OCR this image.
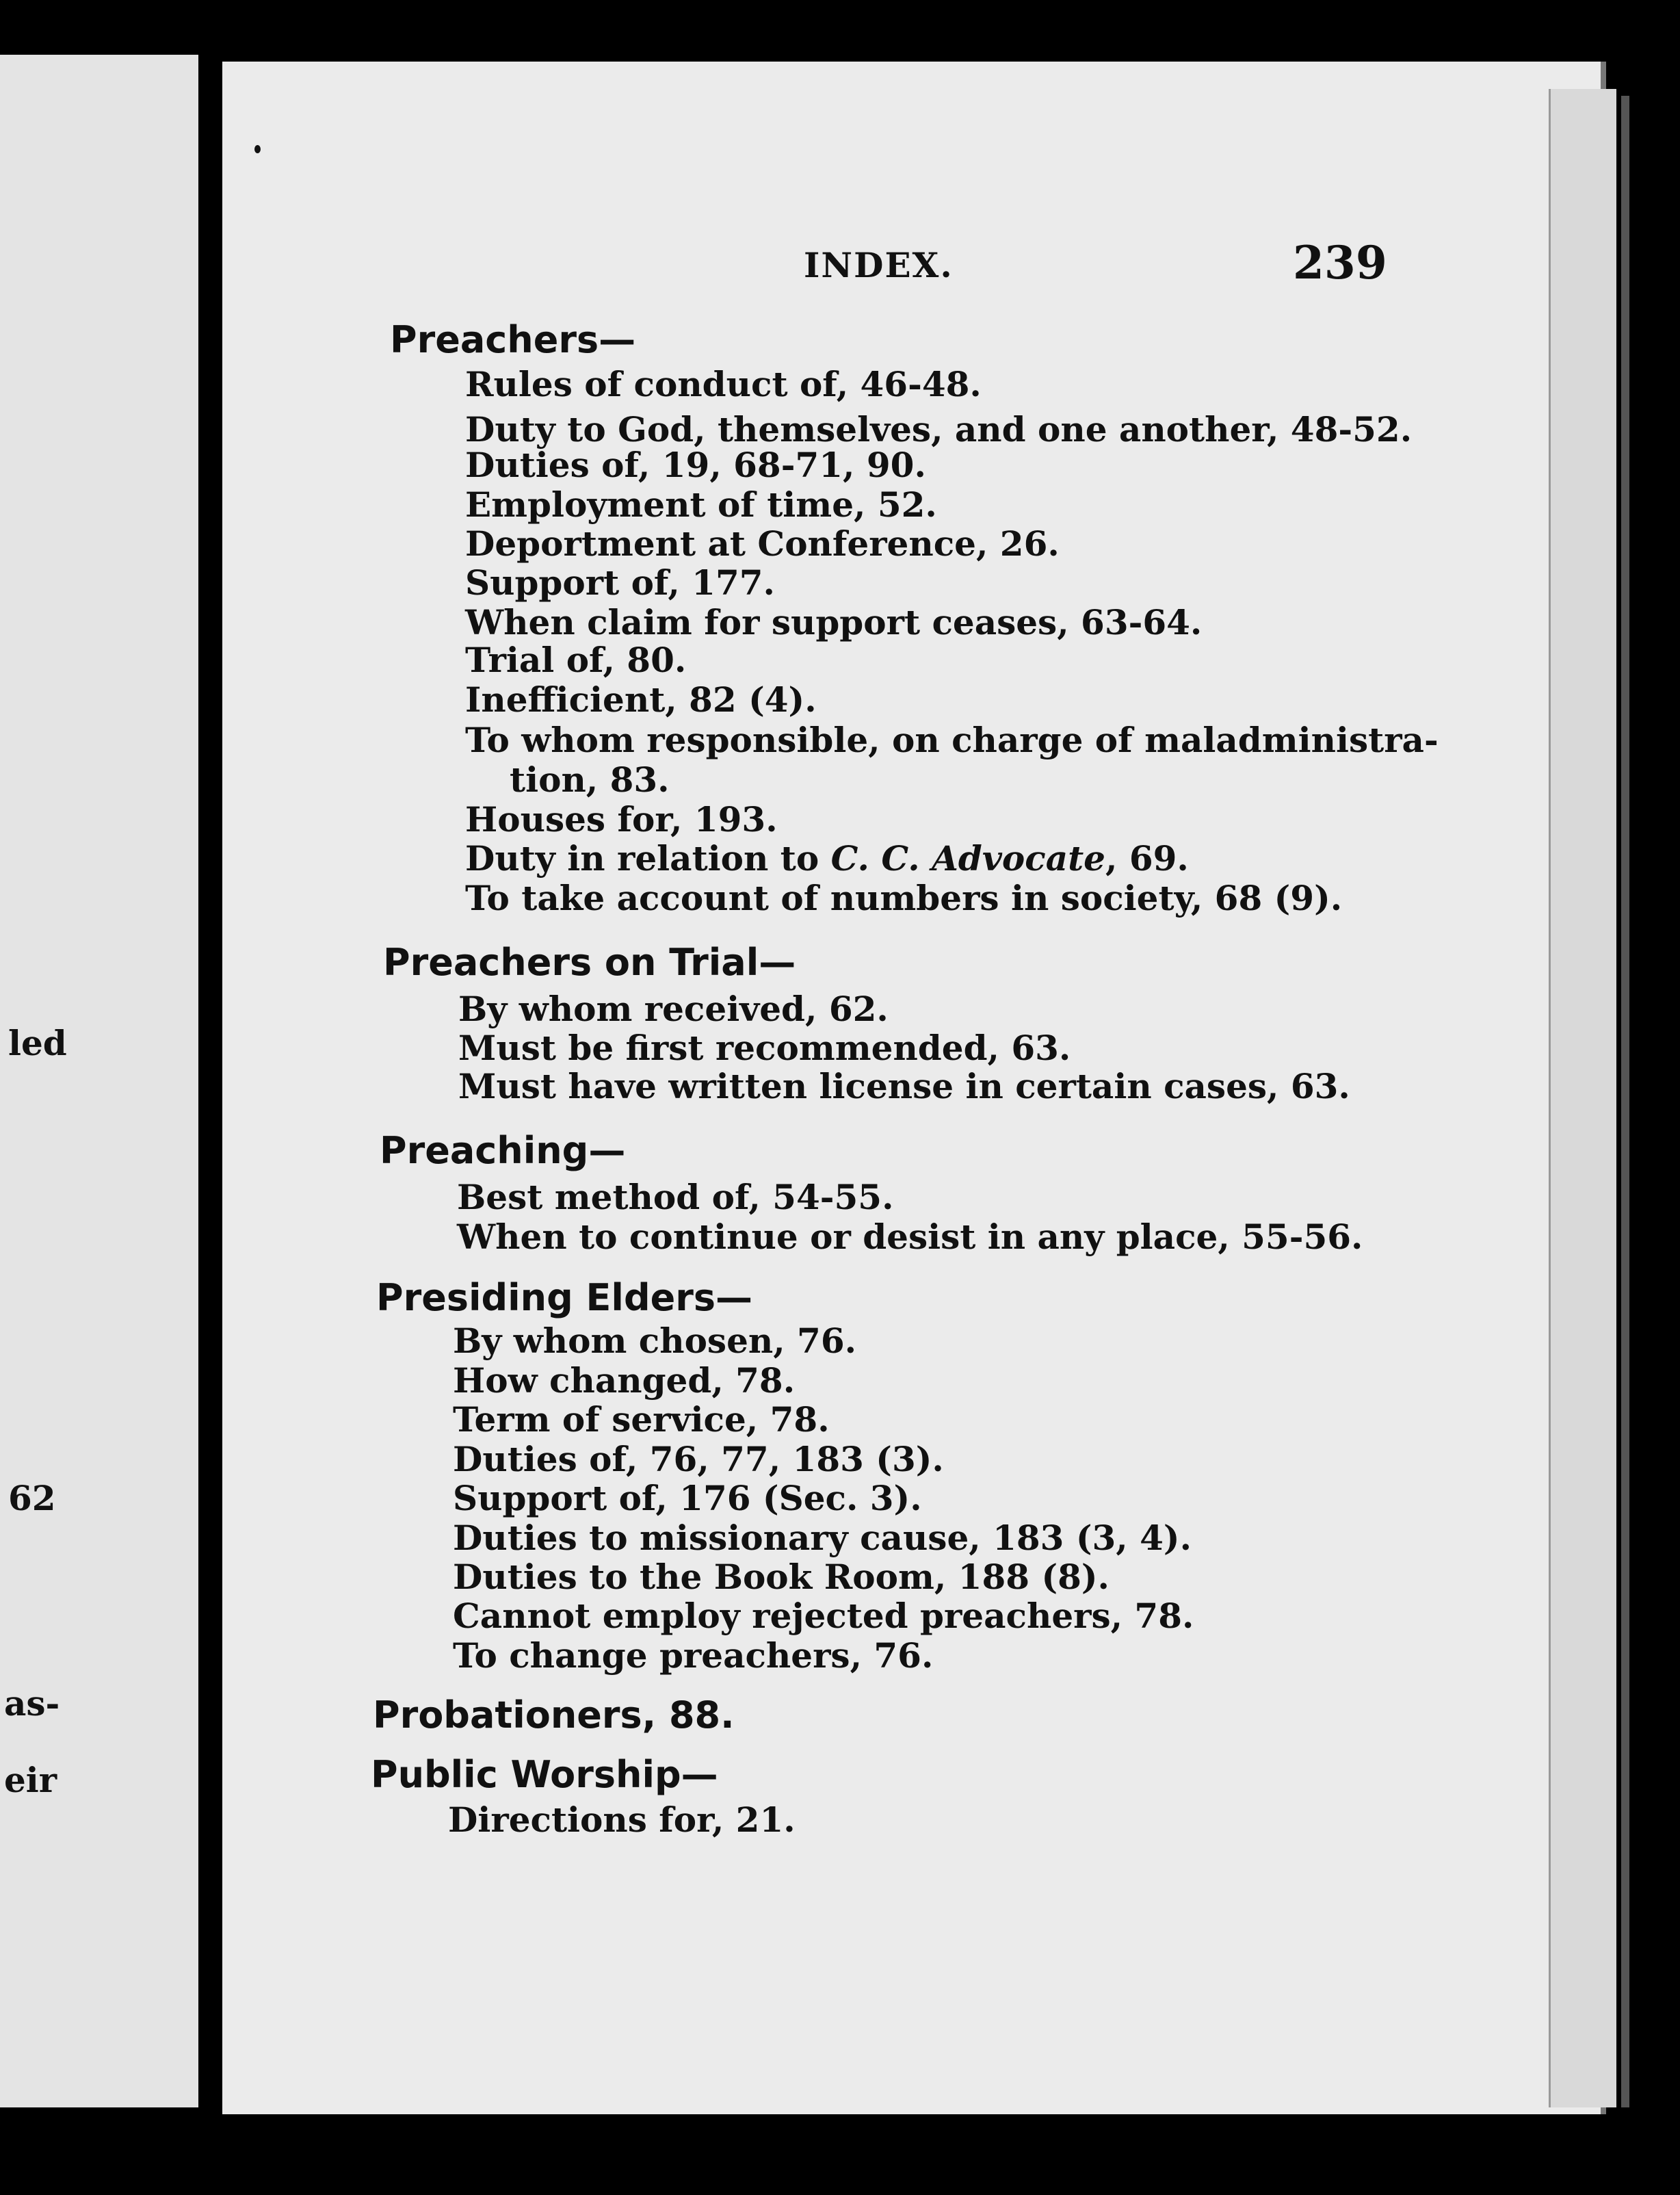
led
62
as-
eir
INDEX.	239
Preachers—
Rules of conduct of, 46-48.
Duty to God, themselves, and one another, 48-52.
Duties of, 19, 68-71, 90.
Employment of time, 52.
Deportment at Conference, 26.
Support of, 177.
When claim for support ceases, 63-64.
Trial of, 80.
Inefficient, 82 (4).
To whom responsible, on charge of maladministra-
tion, 83.
Houses for, 193.
Duty in relation to C. C. Advocate, 69.
To take account of numbers in society, 68 (9).
Preachers on Trial—
By whom received, 62.
Must be first recommended, 63.
Must have written license in certain cases, 63.
Preaching—
Best method of, 54-55.
When to continue or desist in any place, 55-56.
Presiding Elders—
By whom chosen, 76.
How changed, 78.
Term of service, 78.
Duties of, 76, 77, 183 (3).
Support of, 176 (Sec. 3).
Duties to missionary cause, 183 (3, 4).
Duties to the Book Room, 188 (8).
Cannot employ rejected preachers, 78.
To change preachers, 76.
Probationers, 88.
Public Worship—
Directions for, 21.
